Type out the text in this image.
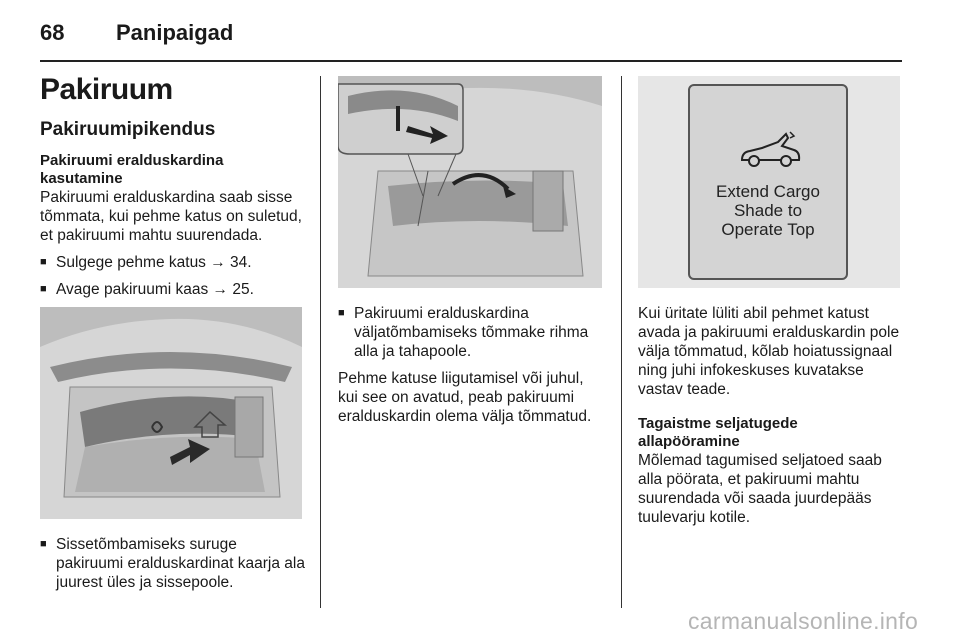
68 Panipaigad
Pakiruum
Pakiruumipikendus
Pakiruumi eralduskardina kasutamine

Pakiruumi eralduskardina saab sisse tõmmata, kui pehme katus on suletud, et pakiruumi mahtu suurendada.

■ Sulgege pehme katus → 34.
■ Avage pakiruumi kaas → 25.
■ Sissetõmbamiseks suruge pakiruumi eralduskardinat kaarja ala juurest üles ja sissepoole.
■ Pakiruumi eralduskardina väljatõmbamiseks tõmmake rihma alla ja tahapoole.

Pehme katuse liigutamisel või juhul, kui see on avatud, peab pakiruumi eralduskardin olema välja tõmmatud.

Extend Cargo
Shade to
Operate Top

Kui üritate lüliti abil pehmet katust avada ja pakiruumi eralduskardin pole välja tõmmatud, kõlab hoiatussignaal ning juhi infokeskuses kuvatakse vastav teade.

Tagaistme seljatugede allapööramine

Mõlemad tagumised seljatoed saab alla pöörata, et pakiruumi mahtu suurendada või saada juurdepääs tuulevarju kotile.

carmanualsonline.info
